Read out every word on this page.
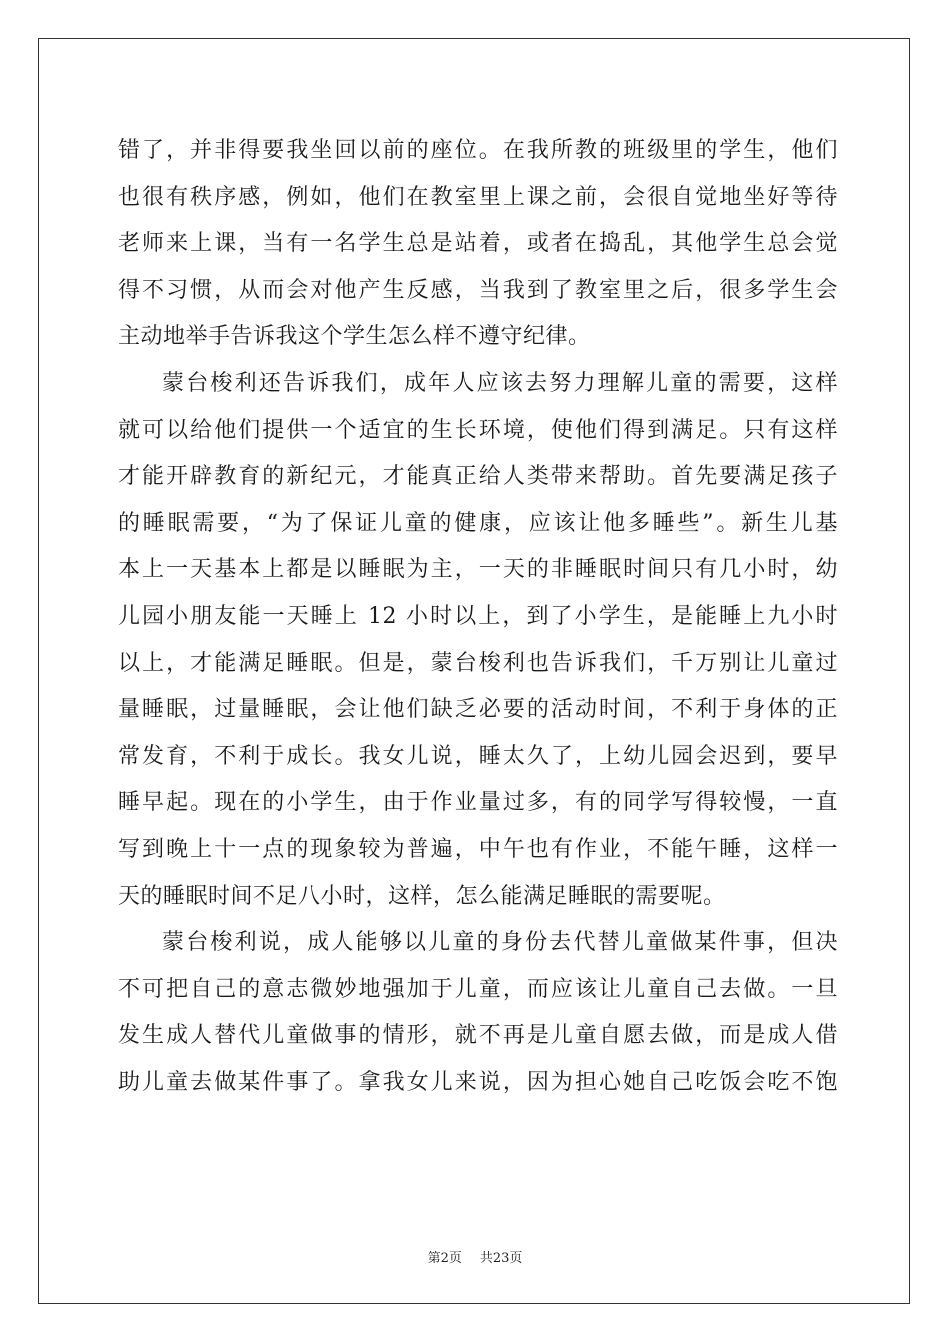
错了，并非得要我坐回以前的座位。在我所教的班级里的学生，他们
也很有秩序感，例如，他们在教室里上课之前，会很自觉地坐好等待
老师来上课，当有一名学生总是站着，或者在捣乱，其他学生总会觉
得不习惯，从而会对他产生反感，当我到了教室里之后，很多学生会
主动地举手告诉我这个学生怎么样不遵守纪律。
蒙台梭利还告诉我们，成年人应该去努力理解儿童的需要，这样
就可以给他们提供一个适宜的生长环境，使他们得到满足。只有这样
才能开辟教育的新纪元，才能真正给人类带来帮助。首先要满足孩子
的睡眠需要，“为了保证儿童的健康，应该让他多睡些”。新生儿基
本上一天基本上都是以睡眠为主，一天的非睡眠时间只有几小时，幼
儿园小朋友能一天睡上 12 小时以上，到了小学生，是能睡上九小时
以上，才能满足睡眠。但是，蒙台梭利也告诉我们，千万别让儿童过
量睡眠，过量睡眠，会让他们缺乏必要的活动时间，不利于身体的正
常发育，不利于成长。我女儿说，睡太久了，上幼儿园会迟到，要早
睡早起。现在的小学生，由于作业量过多，有的同学写得较慢，一直
写到晚上十一点的现象较为普遍，中午也有作业，不能午睡，这样一
天的睡眠时间不足八小时，这样，怎么能满足睡眠的需要呢。
蒙台梭利说，成人能够以儿童的身份去代替儿童做某件事，但决
不可把自己的意志微妙地强加于儿童，而应该让儿童自己去做。一旦
发生成人替代儿童做事的情形，就不再是儿童自愿去做，而是成人借
助儿童去做某件事了。拿我女儿来说，因为担心她自己吃饭会吃不饱
第2页 共23页
